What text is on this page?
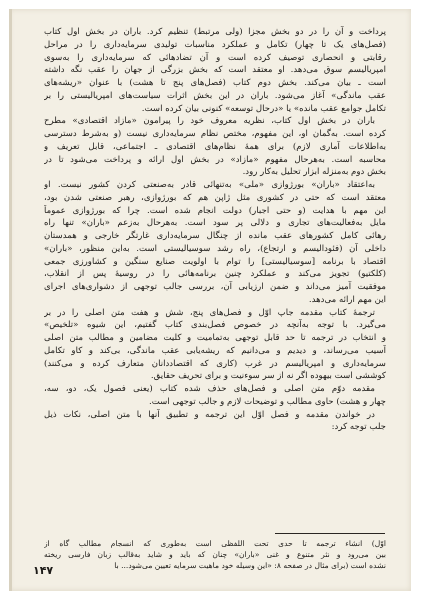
پرداخت و آن را در دو بخش مجزا (ولی مرتبط) تنظیم کرد. باران در بخش اول کتاب
(فصل‌های یک تا چهار) تکامل و عملکرد مناسبات تولیدی سرمایه‌داری را در مراحل
رقابتی و انحصاری توصیف کرده است و آن تضادهائی که سرمایه‌داری را به‌سوی
امپریالیسم سوق می‌دهد. او معتقد است که بخش بزرگی از جهان را عقب نگه داشته
است ـ بیان می‌کند. بخش دوم کتاب (فصل‌های پنج تا هشت) با عنوان «ریشه‌های
عقب ماندگی» آغاز می‌شود. باران در این بخش اثرات سیاست‌های امپریالیستی را بر
تکامل جوامع عقب مانده» یا «درحال توسعه» کنونی بیان کرده است.
باران در بخش اول کتاب، نظریه معروف خود را پیرامون «مازاد اقتصادی» مطرح
کرده است. به‌گمان او، این مفهوم، مختص نظام سرمایه‌داری نیست (و به‌شرط دسترسی
به‌اطلاعات آماری لازم) برای همهٔ نظام‌های اقتصادی ـ اجتماعی، قابل تعریف و
محاسبه است. به‌هرحال مفهوم «مازاد» در بخش اول ارائه و پرداخت می‌شود تا در
بخش دوم به‌منزله ابزار تحلیل به‌کار رود.
به‌اعتقاد «باران» بورژوازی «ملی» به‌تنهائی قادر به‌صنعتی کردن کشور نیست. او
معتقد است که حتی در کشوری مثل ژاپن هم که بورژوازی، رهبر صنعتی شدن بود،
این مهم با هدایت (و حتی اجبار) دولت انجام شده است. چرا که بورژوازی عموماً
مایل به‌فعالیت‌های تجاری و دلالی پر سود است. به‌هرحال به‌زعم «باران» تنها راه
رهائی کامل کشورهای عقب مانده از چنگال سرمایه‌داری غارتگر خارجی و همدستان
داخلی آن (فئودالیسم و ارتجاع)، راه رشد سوسیالیستی است. به‌این منظور، «باران»
اقتصاد با برنامه [سوسیالیستی] را توام با اولویت صنایع سنگین و کشاورزی جمعی
(کلکتیو) تجویز می‌کند و عملکرد چنین برنامه‌هائی را در روسیهٔ پس از انقلاب،
موفقیت آمیز می‌داند و ضمن ارزیابی آن، بررسی جالب توجهی از دشواری‌های اجرای
این مهم ارائه می‌دهد.
ترجمهٔ کتاب مقدمه جاپ اوّل و فصل‌های پنج، شش و هفت متن اصلی را در بر
می‌گیرد. با توجه به‌آنچه در خصوص فصل‌بندی کتاب گفتیم، این شیوه «تلخیص»
و انتخاب در ترجمه تا حد قابل توجهی به‌تمامیت و کلیت مضامین و مطالب متن اصلی
آسیب می‌رساند، و دیدیم و می‌دانیم که ریشه‌یابی عقب ماندگی، بی‌کند و کاو تکامل
سرمایه‌داری و امپریالیسم در غرب (کاری که اقتصاددانان متعارف کرده و می‌کنند)
کوششی است بیهوده اگر نه از سر سوءنیت و برای تحریف حقایق.
مقدمه دوّم متن اصلی و فصل‌های حذف شده کتاب (یعنی فصول یک، دو، سه،
چهار و هشت) حاوی مطالب و توضیحات لازم و جالب توجهی است.
در خواندن مقدمه و فصل اوّل این ترجمه و تطبیق آنها با متن اصلی، نکات ذیل
جلب توجه کرد:
اوّل) انشاء ترجمه تا حدی تحت اللفظی است به‌طوری که انسجام مطالب گاه از
بین می‌رود و نثر متنوع و غنی «باران» چنان که باید و شاید به‌قالب زبان فارسی ریخته
نشده است (برای مثال در صفحه ۸: «این وسیله خود ماهیت سرمایه تعیین می‌شود... با
۱۴۷
